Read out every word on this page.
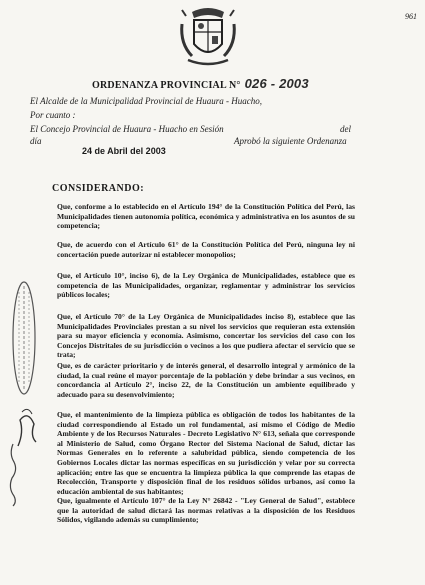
961
ORDENANZA PROVINCIAL N° 026 - 2003
El Alcalde de la Municipalidad Provincial de Huaura - Huacho,
Por cuanto :
El Concejo Provincial de Huaura - Huacho en Sesión	del
día	Aprobó la siguiente Ordenanza
24 de Abril del 2003
CONSIDERANDO:
Que, conforme a lo establecido en el Artículo 194° de la Constitución Política del Perú, las Municipalidades tienen autonomía política, económica y administrativa en los asuntos de su competencia;
Que, de acuerdo con el Artículo 61° de la Constitución Política del Perú, ninguna ley ni concertación puede autorizar ni establecer monopolios;
Que, el Artículo 10°, inciso 6), de la Ley Orgánica de Municipalidades, establece que es competencia de las Municipalidades, organizar, reglamentar y administrar los servicios públicos locales;
Que, el Artículo 70° de la Ley Orgánica de Municipalidades inciso 8), establece que las Municipalidades Provinciales prestan a su nivel los servicios que requieran esta extensión para su mayor eficiencia y economía. Asimismo, concertar los servicios del caso con los Concejos Distritales de su jurisdicción o vecinos a los que pudiera afectar el servicio que se trata;
Que, es de carácter prioritario y de interés general, el desarrollo integral y armónico de la ciudad, la cual reúne el mayor porcentaje de la población y debe brindar a sus vecinos, en concordancia al Artículo 2°, inciso 22, de la Constitución un ambiente equilibrado y adecuado para su desenvolvimiento;
Que, el mantenimiento de la limpieza pública es obligación de todos los habitantes de la ciudad correspondiendo al Estado un rol fundamental, así mismo el Código de Medio Ambiente y de los Recursos Naturales - Decreto Legislativo N° 613, señala que corresponde al Ministerio de Salud, como Órgano Rector del Sistema Nacional de Salud, dictar las Normas Generales en lo referente a salubridad pública, siendo competencia de los Gobiernos Locales dictar las normas específicas en su jurisdicción y velar por su correcta aplicación; entre las que se encuentra la limpieza pública la que comprende las etapas de Recolección, Transporte y disposición final de los residuos sólidos urbanos, así como la educación ambiental de sus habitantes;
Que, igualmente el Artículo 107° de la Ley N° 26842 - "Ley General de Salud", establece que la autoridad de salud dictará las normas relativas a la disposición de los Residuos Sólidos, vigilando además su cumplimiento;
